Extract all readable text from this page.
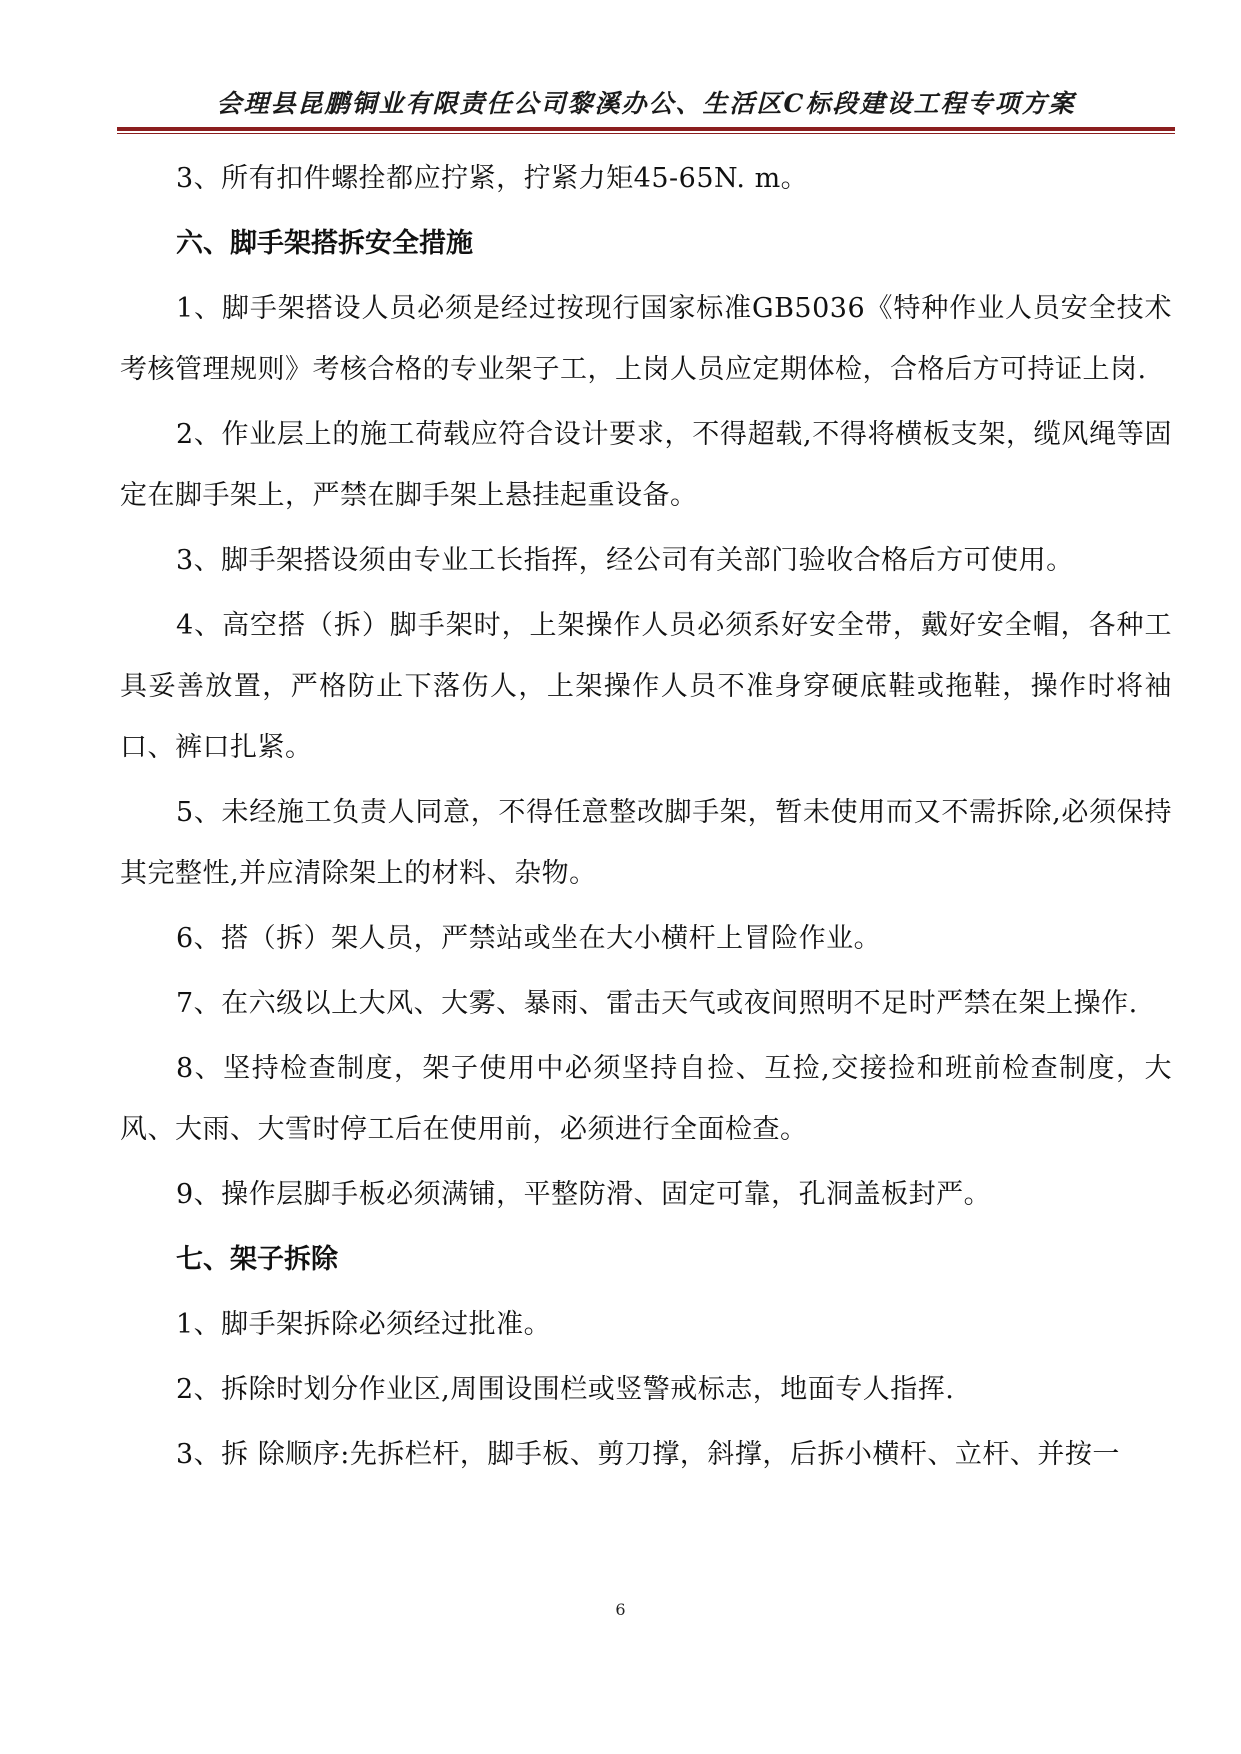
会理县昆鹏铜业有限责任公司黎溪办公、生活区C标段建设工程专项方案

3、所有扣件螺拴都应拧紧，拧紧力矩45-65N. m。

六、脚手架搭拆安全措施

1、脚手架搭设人员必须是经过按现行国家标准GB5036《特种作业人员安全技术考核管理规则》考核合格的专业架子工，上岗人员应定期体检，合格后方可持证上岗.

2、作业层上的施工荷载应符合设计要求，不得超载,不得将横板支架，缆风绳等固定在脚手架上，严禁在脚手架上悬挂起重设备。

3、脚手架搭设须由专业工长指挥，经公司有关部门验收合格后方可使用。

4、高空搭（拆）脚手架时，上架操作人员必须系好安全带，戴好安全帽，各种工具妥善放置，严格防止下落伤人，上架操作人员不准身穿硬底鞋或拖鞋，操作时将袖口、裤口扎紧。

5、未经施工负责人同意，不得任意整改脚手架，暂未使用而又不需拆除,必须保持其完整性,并应清除架上的材料、杂物。

6、搭（拆）架人员，严禁站或坐在大小横杆上冒险作业。

7、在六级以上大风、大雾、暴雨、雷击天气或夜间照明不足时严禁在架上操作.

8、坚持检查制度，架子使用中必须坚持自捡、互捡,交接捡和班前检查制度，大风、大雨、大雪时停工后在使用前，必须进行全面检查。

9、操作层脚手板必须满铺，平整防滑、固定可靠，孔洞盖板封严。

七、架子拆除

1、脚手架拆除必须经过批准。

2、拆除时划分作业区,周围设围栏或竖警戒标志，地面专人指挥.

3、拆 除顺序:先拆栏杆，脚手板、剪刀撑，斜撑，后拆小横杆、立杆、并按一

6
